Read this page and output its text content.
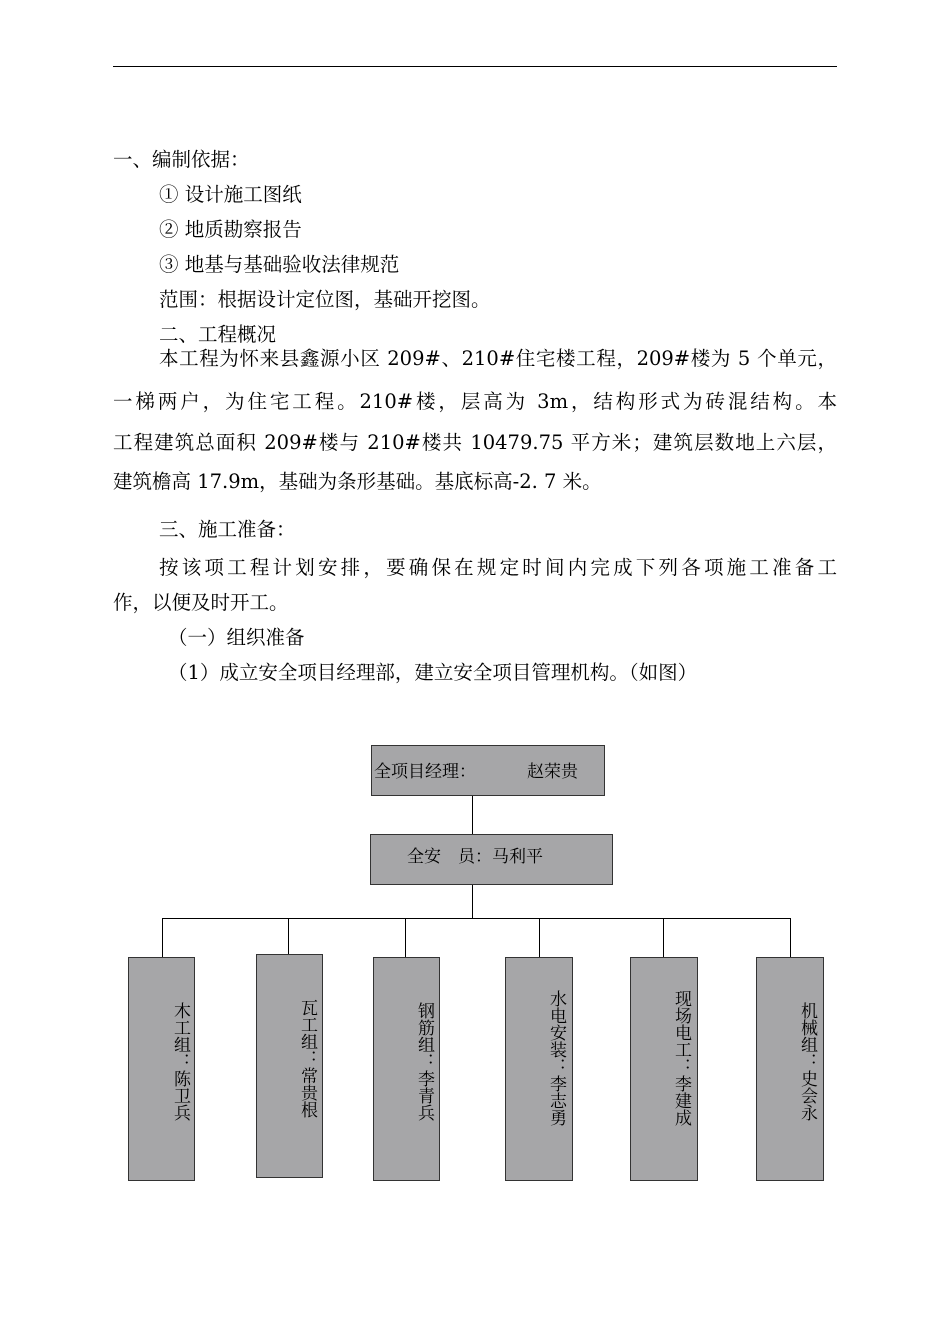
一、编制依据：
① 设计施工图纸
② 地质勘察报告
③ 地基与基础验收法律规范
范围：根据设计定位图，基础开挖图。
二、工程概况
本工程为怀来县鑫源小区 209#、210#住宅楼工程，209#楼为 5 个单元，
一梯两户，为住宅工程。210#楼，层高为 3m，结构形式为砖混结构。本
工程建筑总面积 209#楼与 210#楼共 10479.75 平方米；建筑层数地上六层，
建筑檐高 17.9m，基础为条形基础。基底标高-2. 7 米。
三、施工准备：
按该项工程计划安排，要确保在规定时间内完成下列各项施工准备工
作，以便及时开工。
（一）组织准备
（1）成立安全项目经理部，建立安全项目管理机构。（如图）
全项目经理：	赵荣贵
全安　员：马利平
木工组：陈卫兵	瓦工组：常贵根	钢筋组：李青兵	水电安装：李志勇	现场电工：李建成	机械组：史会永
